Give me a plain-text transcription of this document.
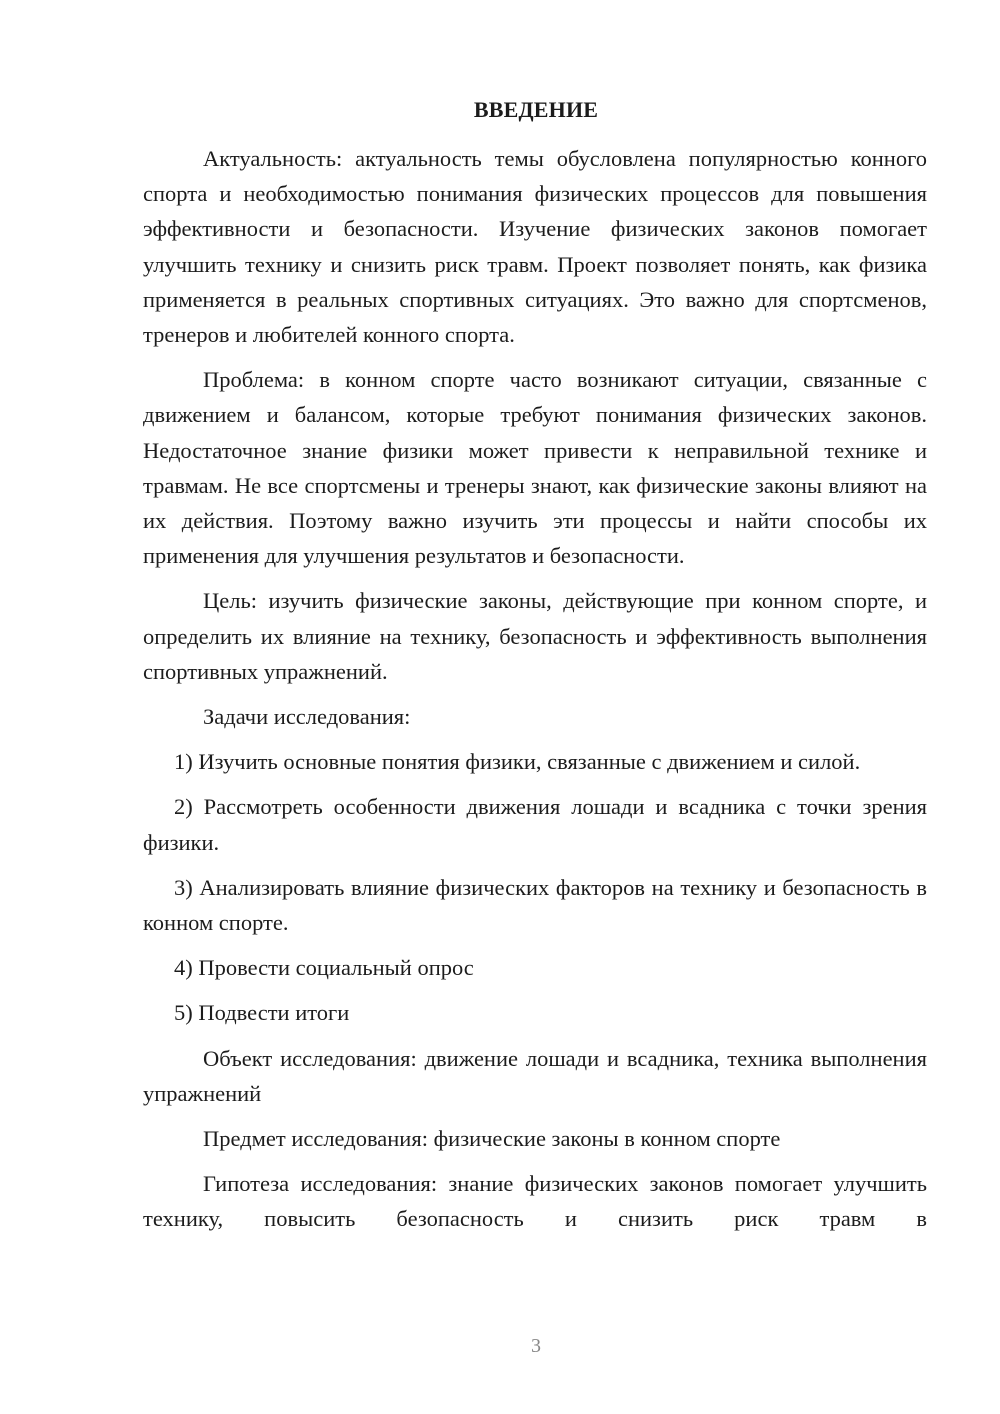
ВВЕДЕНИЕ

Актуальность: актуальность темы обусловлена популярностью конного спорта и необходимостью понимания физических процессов для повышения эффективности и безопасности. Изучение физических законов помогает улучшить технику и снизить риск травм. Проект позволяет понять, как физика применяется в реальных спортивных ситуациях. Это важно для спортсменов, тренеров и любителей конного спорта.

Проблема: в конном спорте часто возникают ситуации, связанные с движением и балансом, которые требуют понимания физических законов. Недостаточное знание физики может привести к неправильной технике и травмам. Не все спортсмены и тренеры знают, как физические законы влияют на их действия. Поэтому важно изучить эти процессы и найти способы их применения для улучшения результатов и безопасности.

Цель: изучить физические законы, действующие при конном спорте, и определить их влияние на технику, безопасность и эффективность выполнения спортивных упражнений.

Задачи исследования:

1) Изучить основные понятия физики, связанные с движением и силой.

2) Рассмотреть особенности движения лошади и всадника с точки зрения физики.

3) Анализировать влияние физических факторов на технику и безопасность в конном спорте.

4) Провести социальный опрос

5) Подвести итоги

Объект исследования: движение лошади и всадника, техника выполнения упражнений

Предмет исследования: физические законы в конном спорте

Гипотеза исследования: знание физических законов помогает улучшить технику, повысить безопасность и снизить риск травм в

3
